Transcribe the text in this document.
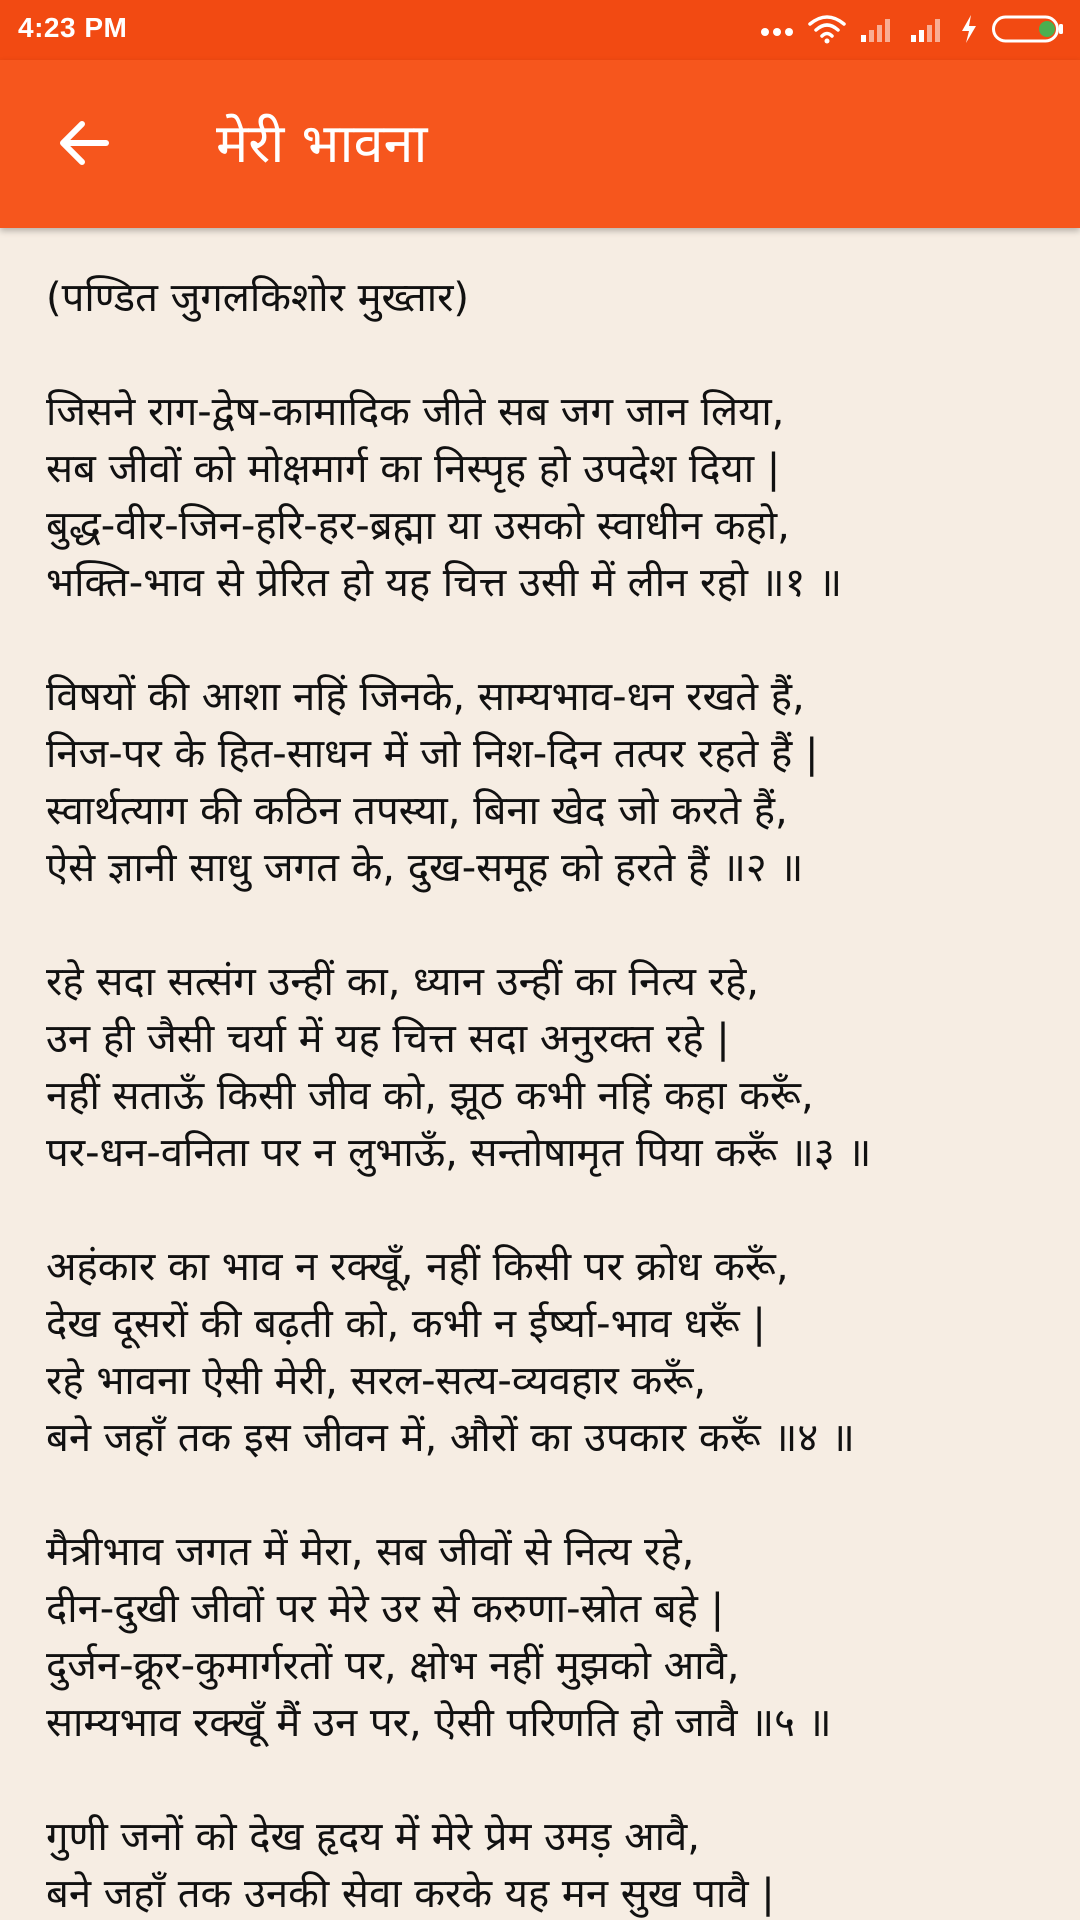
4:23 PM
मेरी भावना
(पण्डित जुगलकिशोर मुख्तार)
जिसने राग-द्वेष-कामादिक जीते सब जग जान लिया,
सब जीवों को मोक्षमार्ग का निस्पृह हो उपदेश दिया |
बुद्ध-वीर-जिन-हरि-हर-ब्रह्मा या उसको स्वाधीन कहो,
भक्ति-भाव से प्रेरित हो यह चित्त उसी में लीन रहो ॥१ ॥
विषयों की आशा नहिं जिनके, साम्यभाव-धन रखते हैं,
निज-पर के हित-साधन में जो निश-दिन तत्पर रहते हैं |
स्वार्थत्याग की कठिन तपस्या, बिना खेद जो करते हैं,
ऐसे ज्ञानी साधु जगत के, दुख-समूह को हरते हैं ॥२ ॥
रहे सदा सत्संग उन्हीं का, ध्यान उन्हीं का नित्य रहे,
उन ही जैसी चर्या में यह चित्त सदा अनुरक्त रहे |
नहीं सताऊँ किसी जीव को, झूठ कभी नहिं कहा करूँ,
पर-धन-वनिता पर न लुभाऊँ, सन्तोषामृत पिया करूँ ॥३ ॥
अहंकार का भाव न रक्खूँ, नहीं किसी पर क्रोध करूँ,
देख दूसरों की बढ़ती को, कभी न ईर्ष्या-भाव धरूँ |
रहे भावना ऐसी मेरी, सरल-सत्य-व्यवहार करूँ,
बने जहाँ तक इस जीवन में, औरों का उपकार करूँ ॥४ ॥
मैत्रीभाव जगत में मेरा, सब जीवों से नित्य रहे,
दीन-दुखी जीवों पर मेरे उर से करुणा-स्रोत बहे |
दुर्जन-क्रूर-कुमार्गरतों पर, क्षोभ नहीं मुझको आवै,
साम्यभाव रक्खूँ मैं उन पर, ऐसी परिणति हो जावै ॥५ ॥
गुणी जनों को देख हृदय में मेरे प्रेम उमड़ आवै,
बने जहाँ तक उनकी सेवा करके यह मन सुख पावै |
